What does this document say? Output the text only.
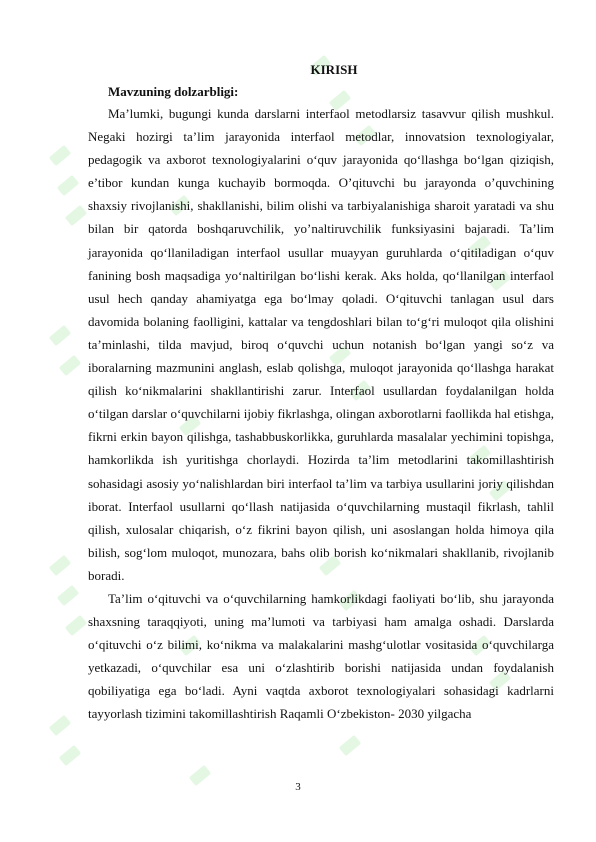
KIRISH
Mavzuning dolzarbligi:

Ma’lumki, bugungi kunda darslarni interfaol metodlarsiz tasavvur qilish mushkul. Negaki hozirgi ta’lim jarayonida interfaol metodlar, innovatsion texnologiyalar, pedagogik va axborot texnologiyalarini o‘quv jarayonida qo‘llashga bo‘lgan qiziqish, e’tibor kundan kunga kuchayib bormoqda. O’qituvchi bu jarayonda o’quvchining shaxsiy rivojlanishi, shakllanishi, bilim olishi va tarbiyalanishiga sharoit yaratadi va shu bilan bir qatorda boshqaruvchilik, yo’naltiruvchilik funksiyasini bajaradi. Ta’lim jarayonida qo‘llaniladigan interfaol usullar muayyan guruhlarda o‘qitiladigan o‘quv fanining bosh maqsadiga yo‘naltirilgan bo‘lishi kerak. Aks holda, qo‘llanilgan interfaol usul hech qanday ahamiyatga ega bo‘lmay qoladi. O‘qituvchi tanlagan usul dars davomida bolaning faolligini, kattalar va tengdoshlari bilan to‘g‘ri muloqot qila olishini ta’minlashi, tilda mavjud, biroq o‘quvchi uchun notanish bo‘lgan yangi so‘z va iboralarning mazmunini anglash, eslab qolishga, muloqot jarayonida qo‘llashga harakat qilish ko‘nikmalarini shakllantirishi zarur. Interfaol usullardan foydalanilgan holda o‘tilgan darslar o‘quvchilarni ijobiy fikrlashga, olingan axborotlarni faollikda hal etishga, fikrni erkin bayon qilishga, tashabbuskorlikka, guruhlarda masalalar yechimini topishga, hamkorlikda ish yuritishga chorlaydi. Hozirda ta’lim metodlarini takomillashtirish sohasidagi asosiy yo‘nalishlardan biri interfaol ta’lim va tarbiya usullarini joriy qilishdan iborat. Interfaol usullarni qo‘llash natijasida o‘quvchilarning mustaqil fikrlash, tahlil qilish, xulosalar chiqarish, o‘z fikrini bayon qilish, uni asoslangan holda himoya qila bilish, sog‘lom muloqot, munozara, bahs olib borish ko‘nikmalari shakllanib, rivojlanib boradi.

Ta’lim o‘qituvchi va o‘quvchilarning hamkorlikdagi faoliyati bo‘lib, shu jarayonda shaxsning taraqqiyoti, uning ma’lumoti va tarbiyasi ham amalga oshadi. Darslarda o‘qituvchi o‘z bilimi, ko‘nikma va malakalarini mashg‘ulotlar vositasida o‘quvchilarga yetkazadi, o‘quvchilar esa uni o‘zlashtirib borishi natijasida undan foydalanish qobiliyatiga ega bo‘ladi. Ayni vaqtda axborot texnologiyalari sohasidagi kadrlarni tayyorlash tizimini takomillashtirish Raqamli O‘zbekiston- 2030 yilgacha

3
